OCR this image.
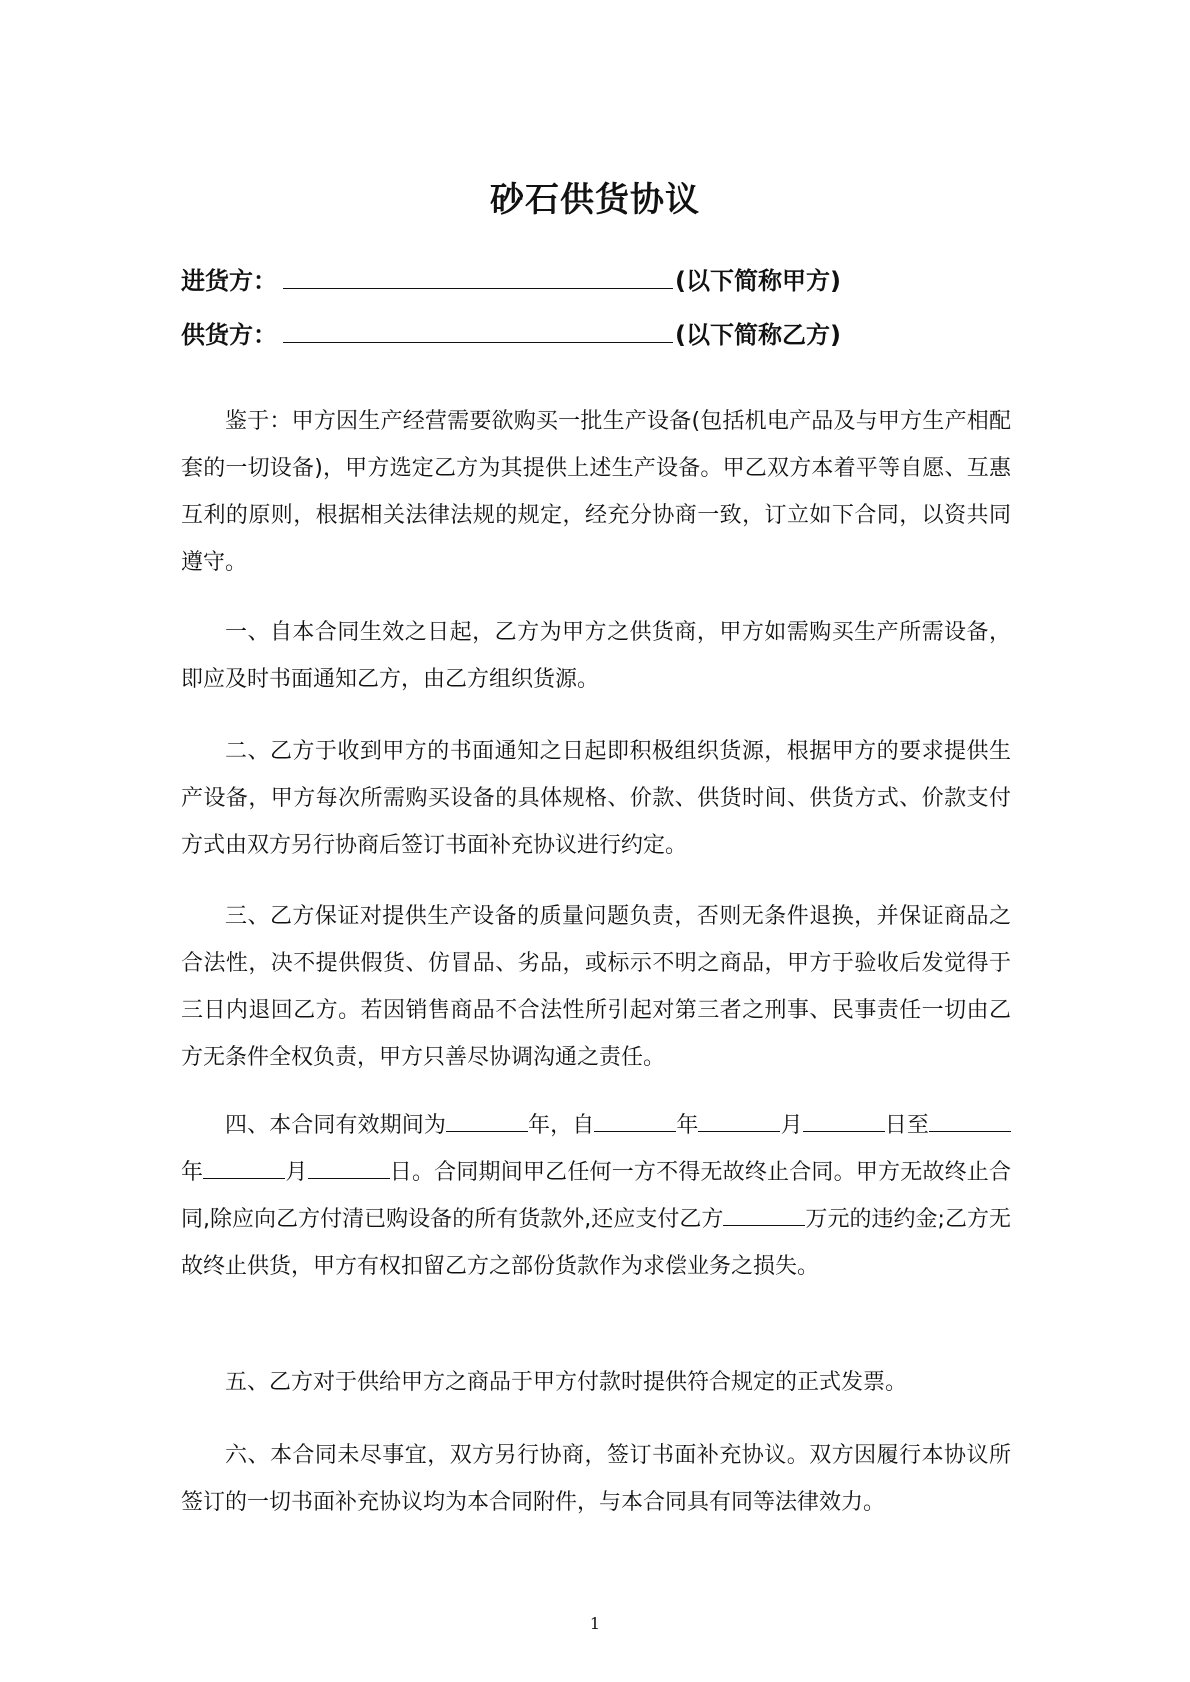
砂石供货协议
进货方：	(以下简称甲方)
供货方：	(以下简称乙方)

鉴于：甲方因生产经营需要欲购买一批生产设备(包括机电产品及与甲方生产相配套的一切设备)，甲方选定乙方为其提供上述生产设备。甲乙双方本着平等自愿、互惠互利的原则，根据相关法律法规的规定，经充分协商一致，订立如下合同，以资共同遵守。

一、自本合同生效之日起，乙方为甲方之供货商，甲方如需购买生产所需设备，即应及时书面通知乙方，由乙方组织货源。

二、乙方于收到甲方的书面通知之日起即积极组织货源，根据甲方的要求提供生产设备，甲方每次所需购买设备的具体规格、价款、供货时间、供货方式、价款支付方式由双方另行协商后签订书面补充协议进行约定。

三、乙方保证对提供生产设备的质量问题负责，否则无条件退换，并保证商品之合法性，决不提供假货、仿冒品、劣品，或标示不明之商品，甲方于验收后发觉得于三日内退回乙方。若因销售商品不合法性所引起对第三者之刑事、民事责任一切由乙方无条件全权负责，甲方只善尽协调沟通之责任。

四、本合同有效期间为	年，自	年	月	日至年	月	日。合同期间甲乙任何一方不得无故终止合同。甲方无故终止合同,除应向乙方付清已购设备的所有货款外,还应支付乙方	万元的违约金;乙方无故终止供货，甲方有权扣留乙方之部份货款作为求偿业务之损失。

五、乙方对于供给甲方之商品于甲方付款时提供符合规定的正式发票。

六、本合同未尽事宜，双方另行协商，签订书面补充协议。双方因履行本协议所签订的一切书面补充协议均为本合同附件，与本合同具有同等法律效力。

1
